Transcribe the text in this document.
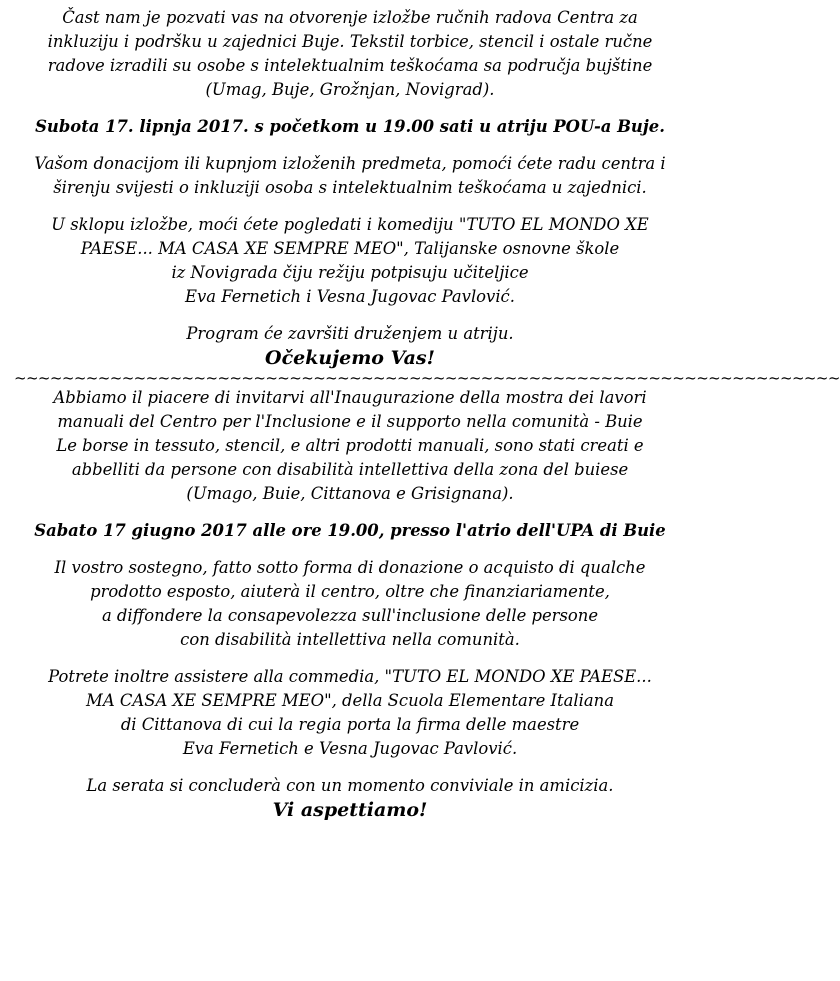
Čast nam je pozvati vas na otvorenje izložbe ručnih radova Centra za
inkluziju i podršku u zajednici Buje. Tekstil torbice, stencil i ostale ručne
radove izradili su osobe s intelektualnim teškoćama sa područja bujštine
(Umag, Buje, Grožnjan, Novigrad).

Subota 17. lipnja 2017. s početkom u 19.00 sati u atriju POU-a Buje.

Vašom donacijom ili kupnjom izloženih predmeta, pomoći ćete radu centra i
širenju svijesti o inkluziji osoba s intelektualnim teškoćama u zajednici.
U sklopu izložbe, moći ćete pogledati i komediju "TUTO EL MONDO XE
PAESE... MA CASA XE SEMPRE MEO", Talijanske osnovne škole
iz Novigrada čiju režiju potpisuju učiteljice
Eva Fernetich i Vesna Jugovac Pavlović.

Program će završiti druženjem u atriju.

Očekujemo Vas!

~~~~~~~~~~~~~~~~~~~~~~~~~~~~~~~~~~~~~~~~~~~~~~~~~~~~~~~~~~~~~~~~~~~~~

Abbiamo il piacere di invitarvi all'Inaugurazione della mostra dei lavori
manuali del Centro per l'Inclusione e il supporto nella comunità - Buie
Le borse in tessuto, stencil, e altri prodotti manuali, sono stati creati e
abbelliti da persone con disabilità intellettiva della zona del buiese
(Umago, Buie, Cittanova e Grisignana).

Sabato 17 giugno 2017 alle ore 19.00, presso l'atrio dell'UPA di Buie

Il vostro sostegno, fatto sotto forma di donazione o acquisto di qualche
prodotto esposto, aiuterà il centro, oltre che finanziariamente,
a diffondere la consapevolezza sull'inclusione delle persone
con disabilità intellettiva nella comunità.
Potrete inoltre assistere alla commedia, "TUTO EL MONDO XE PAESE...
MA CASA XE SEMPRE MEO", della Scuola Elementare Italiana
di Cittanova di cui la regia porta la firma delle maestre
Eva Fernetich e Vesna Jugovac Pavlović.

La serata si concluderà con un momento conviviale in amicizia.

Vi aspettiamo!
